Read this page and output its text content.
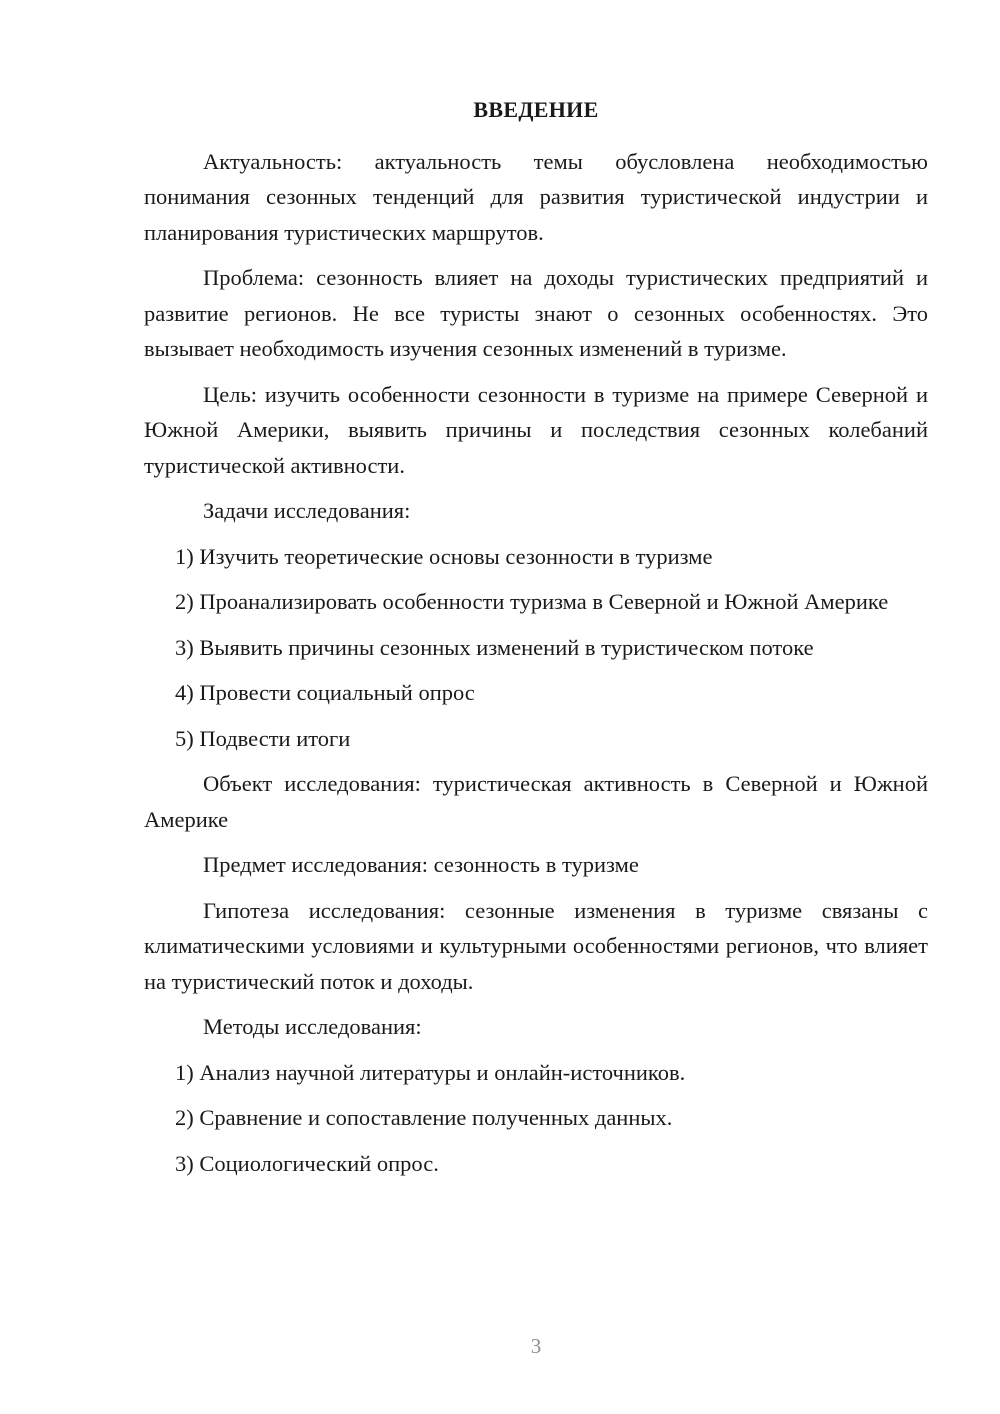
ВВЕДЕНИЕ

Актуальность: актуальность темы обусловлена необходимостью понимания сезонных тенденций для развития туристической индустрии и планирования туристических маршрутов.

Проблема: сезонность влияет на доходы туристических предприятий и развитие регионов. Не все туристы знают о сезонных особенностях. Это вызывает необходимость изучения сезонных изменений в туризме.

Цель: изучить особенности сезонности в туризме на примере Северной и Южной Америки, выявить причины и последствия сезонных колебаний туристической активности.

Задачи исследования:

1) Изучить теоретические основы сезонности в туризме

2) Проанализировать особенности туризма в Северной и Южной Америке

3) Выявить причины сезонных изменений в туристическом потоке

4) Провести социальный опрос

5) Подвести итоги

Объект исследования: туристическая активность в Северной и Южной Америке

Предмет исследования: сезонность в туризме

Гипотеза исследования: сезонные изменения в туризме связаны с климатическими условиями и культурными особенностями регионов, что влияет на туристический поток и доходы.

Методы исследования:

1) Анализ научной литературы и онлайн-источников.

2) Сравнение и сопоставление полученных данных.

3) Социологический опрос.

3
